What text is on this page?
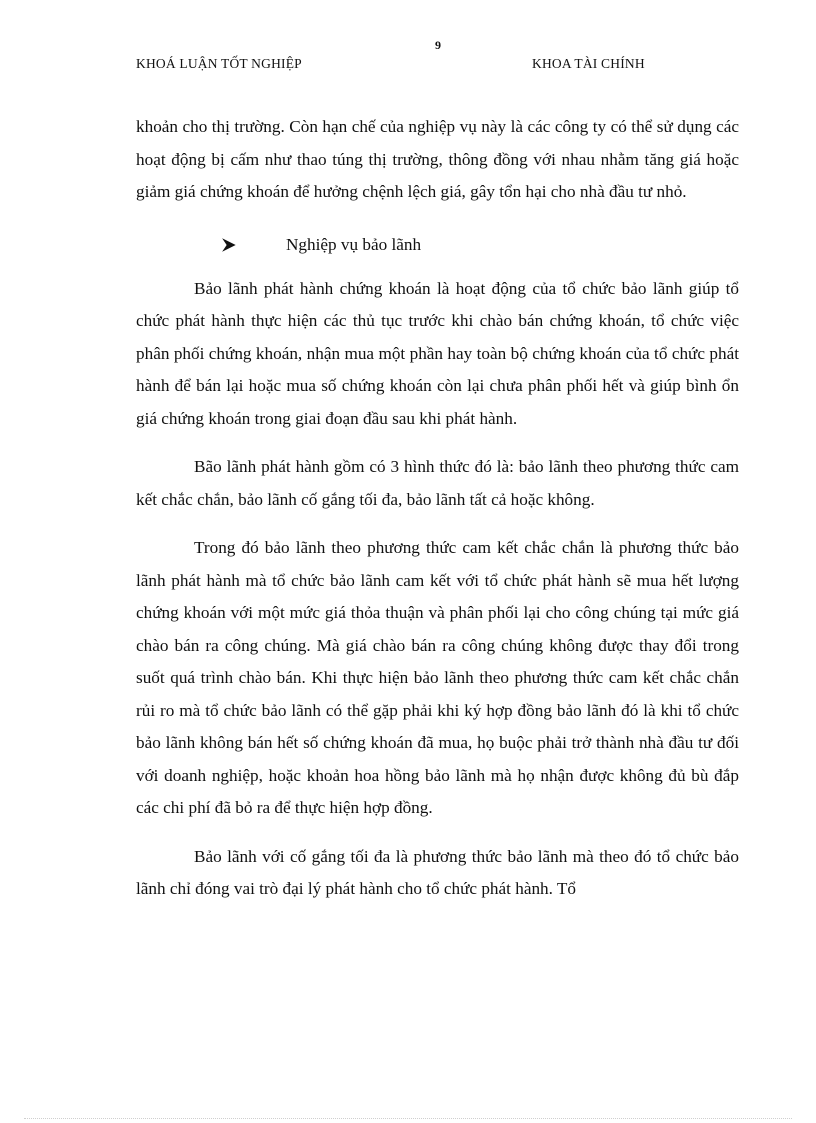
9
KHOÁ LUẬN TỐT NGHIỆP	KHOA TÀI CHÍNH

khoản cho thị trường. Còn hạn chế của nghiệp vụ này là các công ty có thể sử dụng các hoạt động bị cấm như thao túng thị trường, thông đồng với nhau nhằm tăng giá hoặc giảm giá chứng khoán để hưởng chệnh lệch giá, gây tổn hại cho nhà đầu tư nhỏ.

Nghiệp vụ bảo lãnh

Bảo lãnh phát hành chứng khoán là hoạt động của tổ chức bảo lãnh giúp tổ chức phát hành thực hiện các thủ tục trước khi chào bán chứng khoán, tổ chức việc phân phối chứng khoán, nhận mua một phần hay toàn bộ chứng khoán của tổ chức phát hành để bán lại hoặc mua số chứng khoán còn lại chưa phân phối hết và giúp bình ổn giá chứng khoán trong giai đoạn đầu sau khi phát hành.

Bão lãnh phát hành gồm có 3 hình thức đó là: bảo lãnh theo phương thức cam kết chắc chắn, bảo lãnh cố gắng tối đa, bảo lãnh tất cả hoặc không.

Trong đó bảo lãnh theo phương thức cam kết chắc chắn là phương thức bảo lãnh phát hành mà tổ chức bảo lãnh cam kết với tổ chức phát hành sẽ mua hết lượng chứng khoán với một mức giá thỏa thuận và phân phối lại cho công chúng tại mức giá chào bán ra công chúng. Mà giá chào bán ra công chúng không được thay đổi trong suốt quá trình chào bán. Khi thực hiện bảo lãnh theo phương thức cam kết chắc chắn rủi ro mà tổ chức bảo lãnh có thể gặp phải khi ký hợp đồng bảo lãnh đó là khi tổ chức bảo lãnh không bán hết số chứng khoán đã mua, họ buộc phải trở thành nhà đầu tư đối với doanh nghiệp, hoặc khoản hoa hồng bảo lãnh mà họ nhận được không đủ bù đắp các chi phí đã bỏ ra để thực hiện hợp đồng.

Bảo lãnh với cố gắng tối đa là phương thức bảo lãnh mà theo đó tổ chức bảo lãnh chỉ đóng vai trò đại lý phát hành cho tổ chức phát hành. Tổ
